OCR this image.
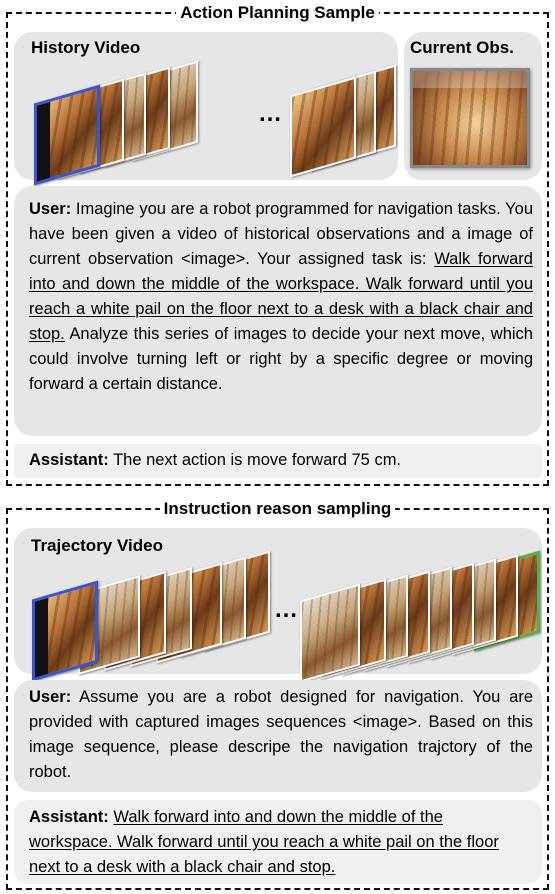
Action Planning Sample
History Video
…
Current Obs.
User: Imagine you are a robot programmed for navigation tasks. You have been given a video of historical observations and a image of current observation <image>. Your assigned task is: Walk forward into and down the middle of the workspace. Walk forward until you reach a white pail on the floor next to a desk with a black chair and stop. Analyze this series of images to decide your next move, which could involve turning left or right by a specific degree or moving forward a certain distance.
Assistant: The next action is move forward 75 cm.
Instruction reason sampling
Trajectory Video
…
User: Assume you are a robot designed for navigation. You are provided with captured images sequences <image>. Based on this image sequence, please descripe the navigation trajctory of the robot.
Assistant: Walk forward into and down the middle of the workspace. Walk forward until you reach a white pail on the floor next to a desk with a black chair and stop.
